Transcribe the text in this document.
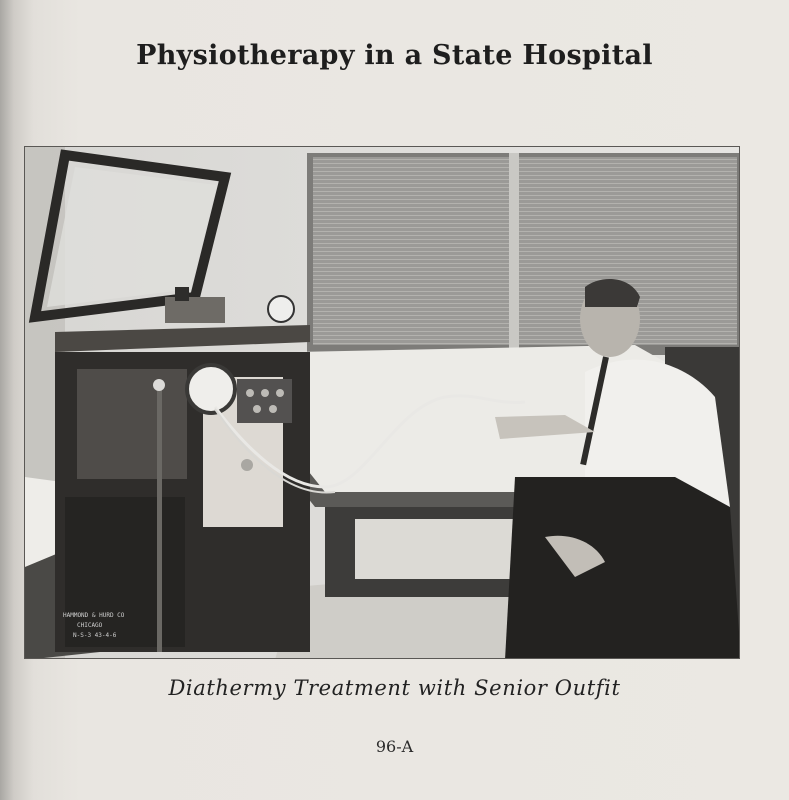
Physiotherapy in a State Hospital
HAMMOND & HURD CO
CHICAGO
N-S-3 43-4-6
Diathermy Treatment with Senior Outfit
96-A
